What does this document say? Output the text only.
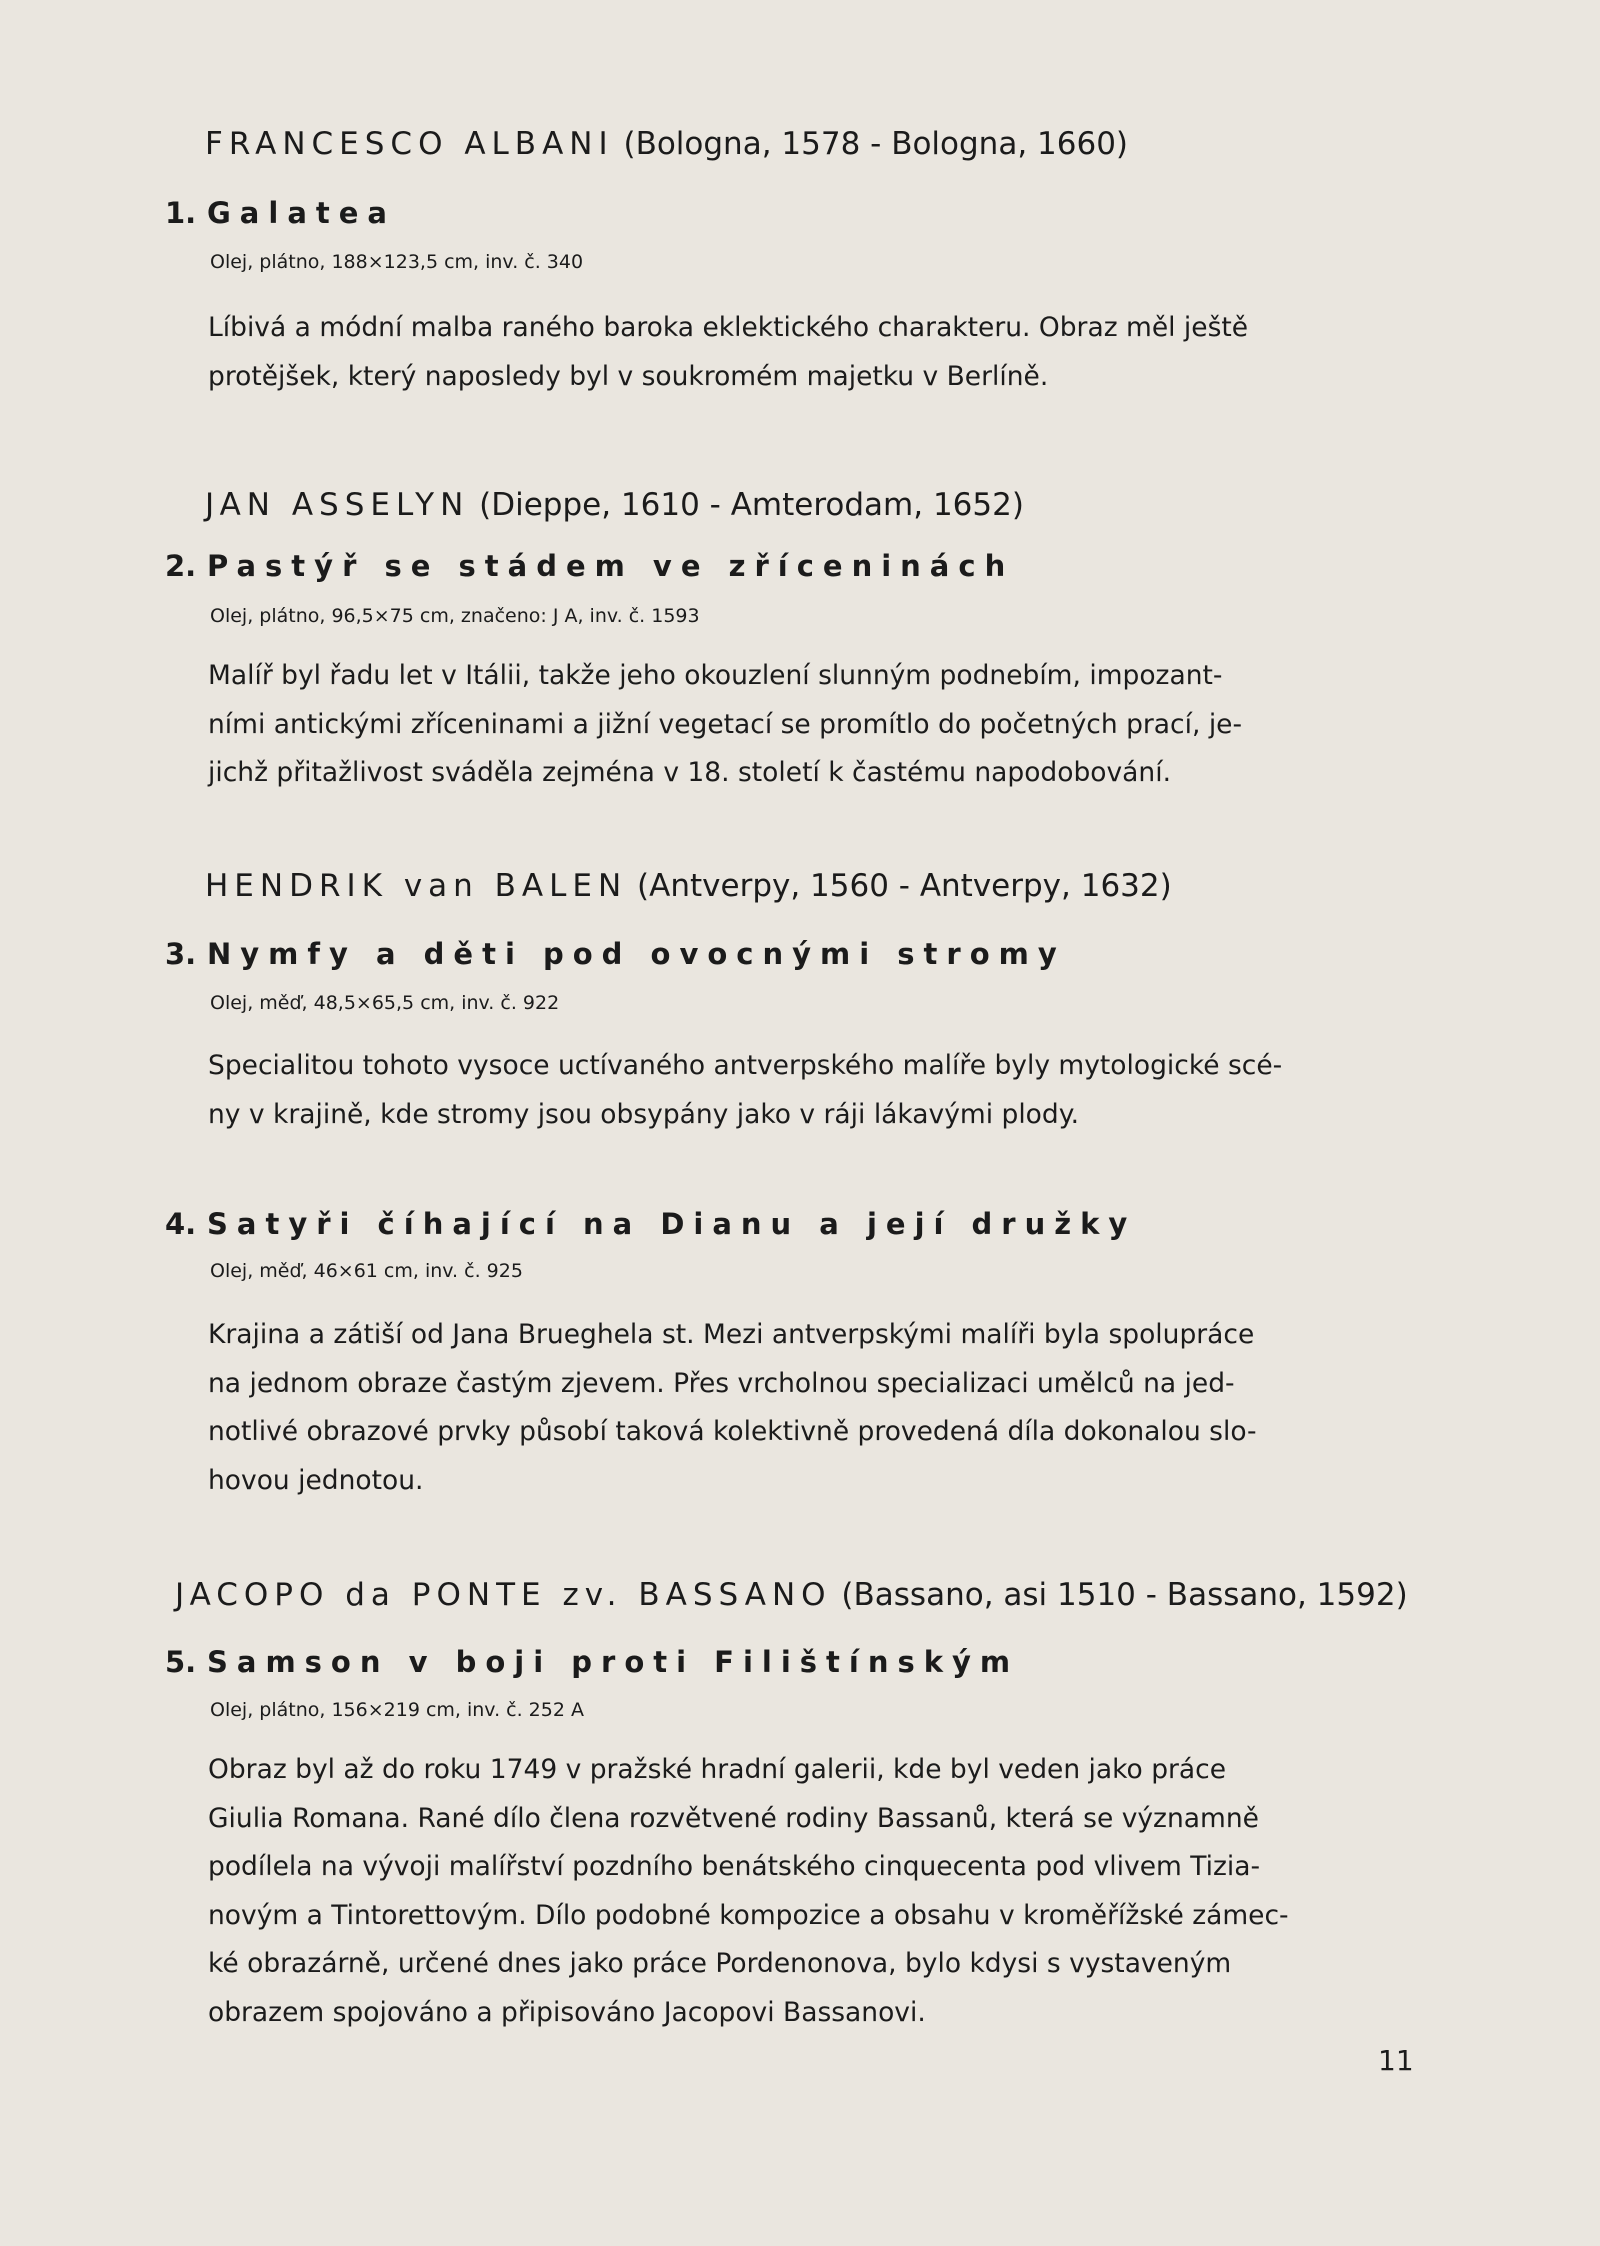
FRANCESCO ALBANI (Bologna, 1578 - Bologna, 1660)
1. Galatea
Olej, plátno, 188×123,5 cm, inv. č. 340
Líbivá a módní malba raného baroka eklektického charakteru. Obraz měl ještě
protějšek, který naposledy byl v soukromém majetku v Berlíně.
JAN ASSELYN (Dieppe, 1610 - Amterodam, 1652)
2. Pastýř se stádem ve zříceninách
Olej, plátno, 96,5×75 cm, značeno: J A, inv. č. 1593
Malíř byl řadu let v Itálii, takže jeho okouzlení slunným podnebím, impozant-
ními antickými zříceninami a jižní vegetací se promítlo do početných prací, je-
jichž přitažlivost sváděla zejména v 18. století k častému napodobování.
HENDRIK van BALEN (Antverpy, 1560 - Antverpy, 1632)
3. Nymfy a děti pod ovocnými stromy
Olej, měď, 48,5×65,5 cm, inv. č. 922
Specialitou tohoto vysoce uctívaného antverpského malíře byly mytologické scé-
ny v krajině, kde stromy jsou obsypány jako v ráji lákavými plody.
4. Satyři číhající na Dianu a její družky
Olej, měď, 46×61 cm, inv. č. 925
Krajina a zátiší od Jana Brueghela st. Mezi antverpskými malíři byla spolupráce
na jednom obraze častým zjevem. Přes vrcholnou specializaci umělců na jed-
notlivé obrazové prvky působí taková kolektivně provedená díla dokonalou slo-
hovou jednotou.
JACOPO da PONTE zv. BASSANO (Bassano, asi 1510 - Bassano, 1592)
5. Samson v boji proti Filištínským
Olej, plátno, 156×219 cm, inv. č. 252 A
Obraz byl až do roku 1749 v pražské hradní galerii, kde byl veden jako práce
Giulia Romana. Rané dílo člena rozvětvené rodiny Bassanů, která se významně
podílela na vývoji malířství pozdního benátského cinquecenta pod vlivem Tizia-
novým a Tintorettovým. Dílo podobné kompozice a obsahu v kroměřížské zámec-
ké obrazárně, určené dnes jako práce Pordenonova, bylo kdysi s vystaveným
obrazem spojováno a připisováno Jacopovi Bassanovi.
11
